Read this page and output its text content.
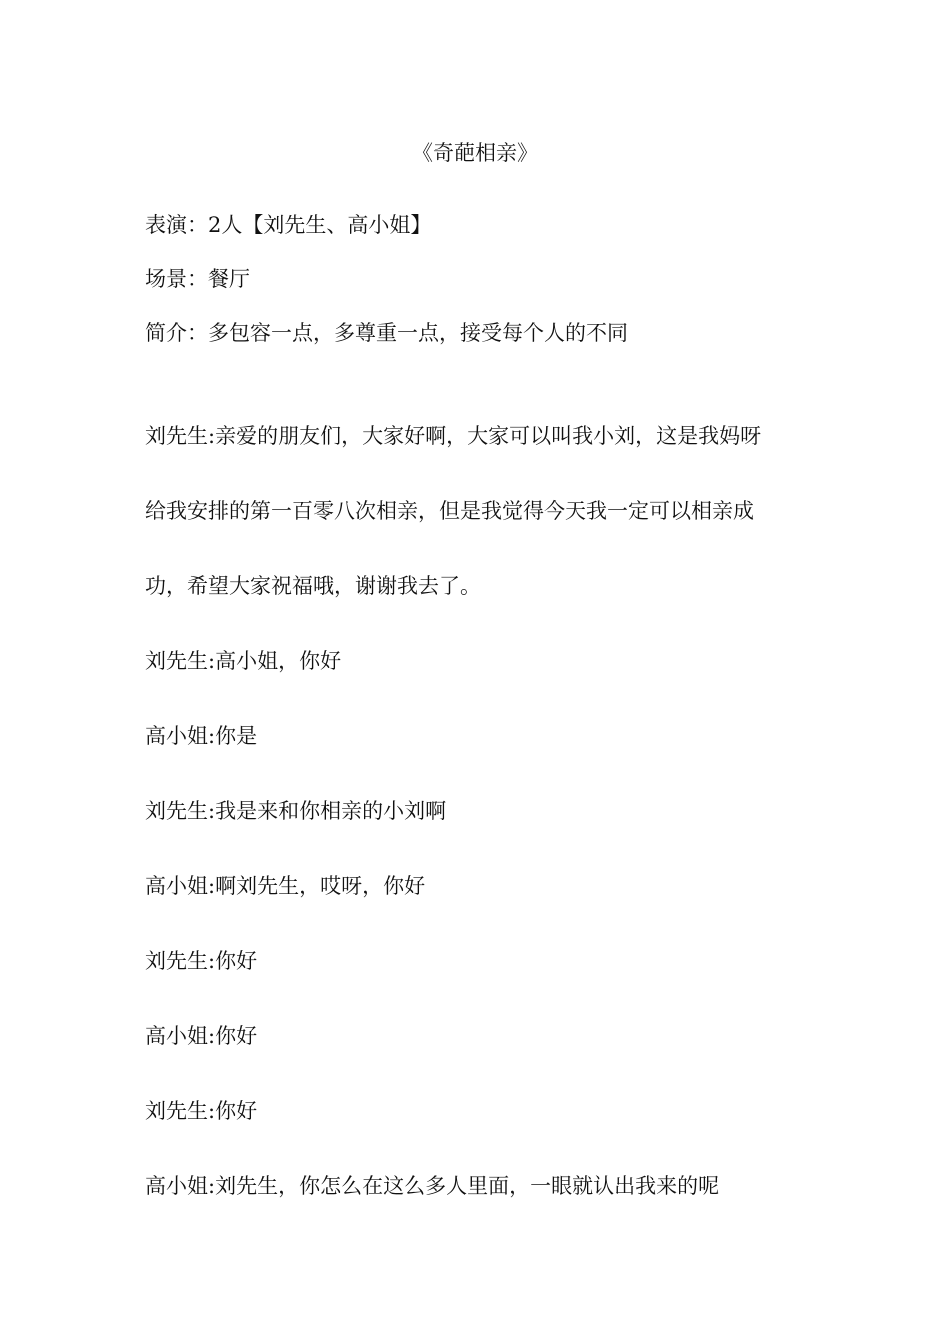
《奇葩相亲》
表演：2人【刘先生、高小姐】
场景：餐厅
简介：多包容一点，多尊重一点，接受每个人的不同
刘先生:亲爱的朋友们，大家好啊，大家可以叫我小刘，这是我妈呀
给我安排的第一百零八次相亲，但是我觉得今天我一定可以相亲成
功，希望大家祝福哦，谢谢我去了。
刘先生:高小姐，你好
高小姐:你是
刘先生:我是来和你相亲的小刘啊
高小姐:啊刘先生，哎呀，你好
刘先生:你好
高小姐:你好
刘先生:你好
高小姐:刘先生，你怎么在这么多人里面，一眼就认出我来的呢
